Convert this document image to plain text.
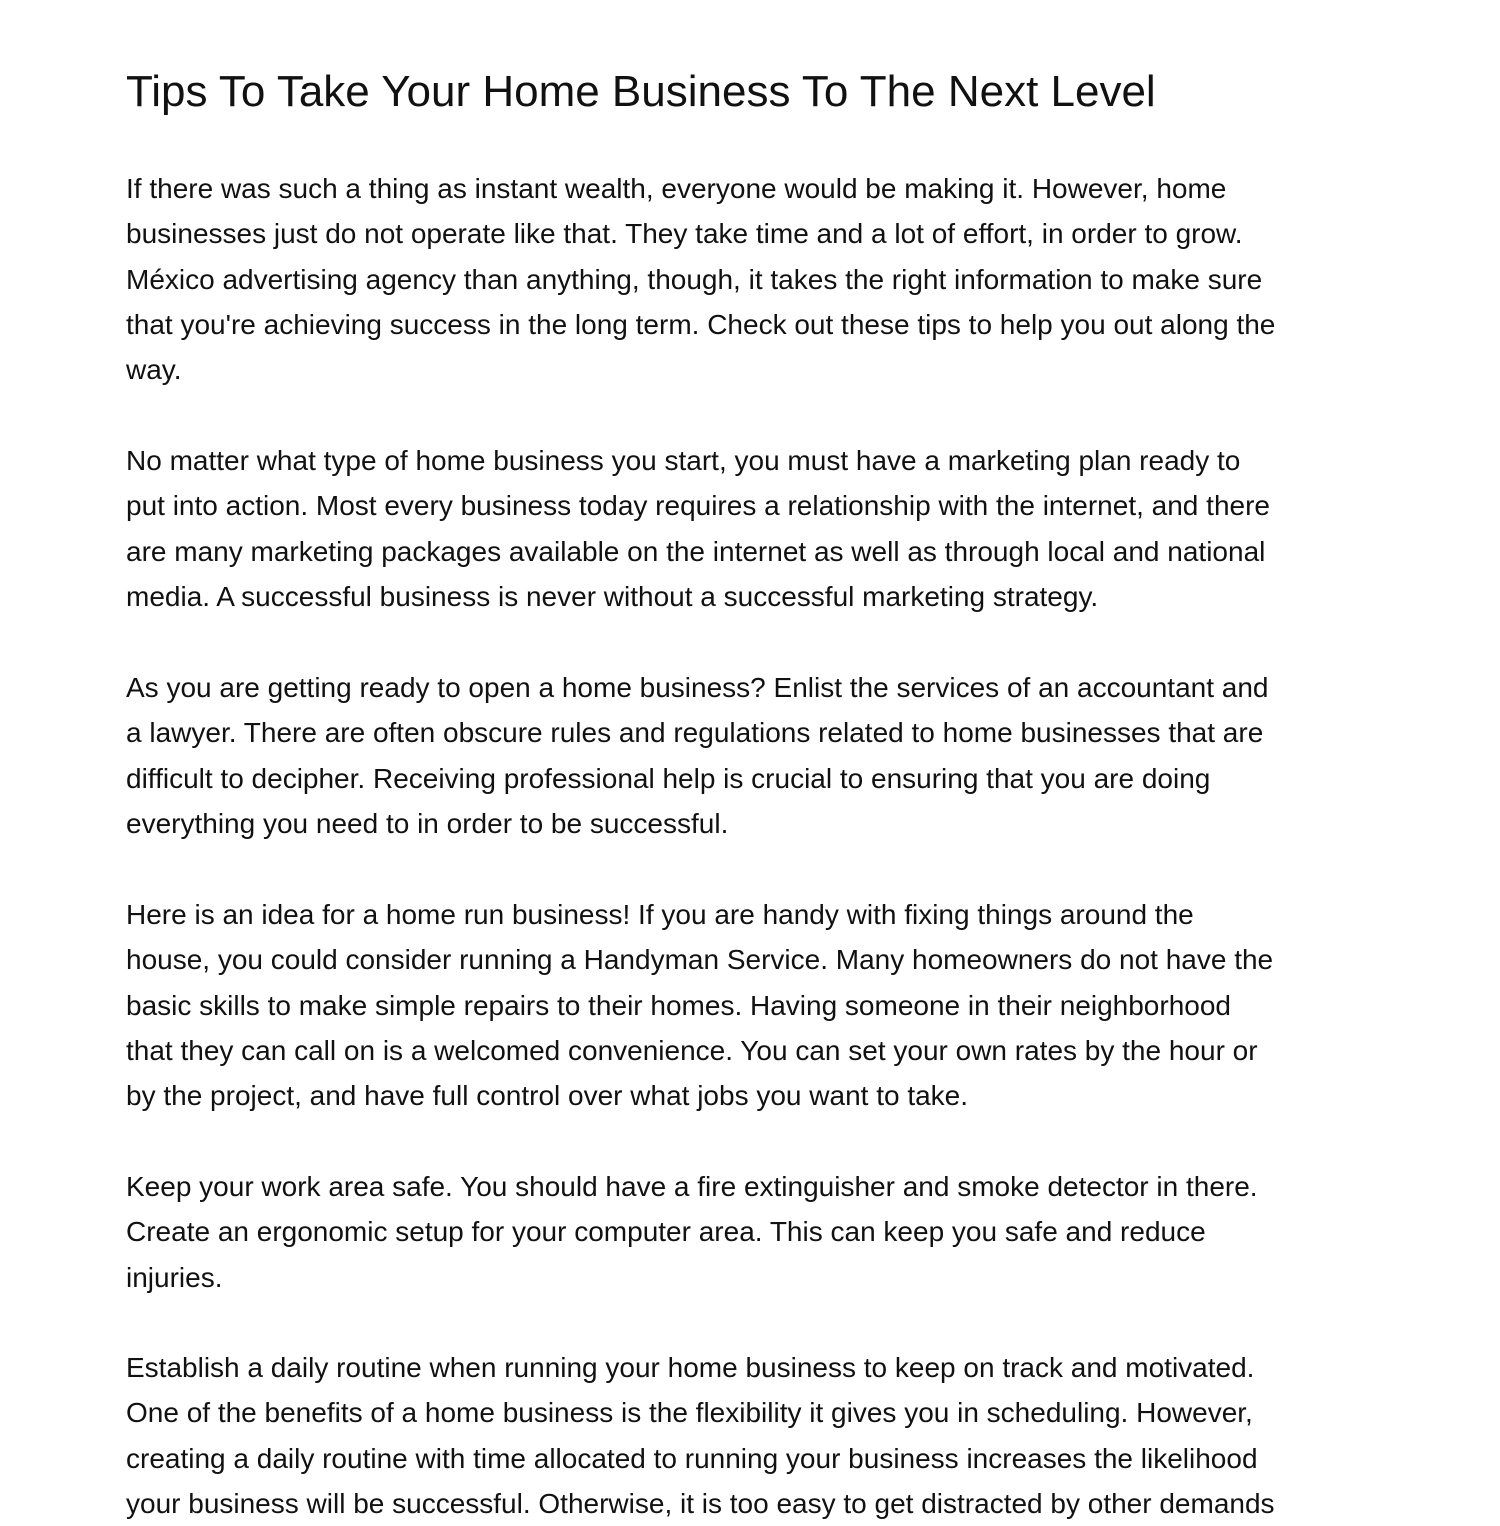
Tips To Take Your Home Business To The Next Level

If there was such a thing as instant wealth, everyone would be making it. However, home
businesses just do not operate like that. They take time and a lot of effort, in order to grow.
México advertising agency than anything, though, it takes the right information to make sure
that you're achieving success in the long term. Check out these tips to help you out along the
way.

No matter what type of home business you start, you must have a marketing plan ready to
put into action. Most every business today requires a relationship with the internet, and there
are many marketing packages available on the internet as well as through local and national
media. A successful business is never without a successful marketing strategy.

As you are getting ready to open a home business? Enlist the services of an accountant and
a lawyer. There are often obscure rules and regulations related to home businesses that are
difficult to decipher. Receiving professional help is crucial to ensuring that you are doing
everything you need to in order to be successful.

Here is an idea for a home run business! If you are handy with fixing things around the
house, you could consider running a Handyman Service. Many homeowners do not have the
basic skills to make simple repairs to their homes. Having someone in their neighborhood
that they can call on is a welcomed convenience. You can set your own rates by the hour or
by the project, and have full control over what jobs you want to take.

Keep your work area safe. You should have a fire extinguisher and smoke detector in there.
Create an ergonomic setup for your computer area. This can keep you safe and reduce
injuries.

Establish a daily routine when running your home business to keep on track and motivated.
One of the benefits of a home business is the flexibility it gives you in scheduling. However,
creating a daily routine with time allocated to running your business increases the likelihood
your business will be successful. Otherwise, it is too easy to get distracted by other demands
